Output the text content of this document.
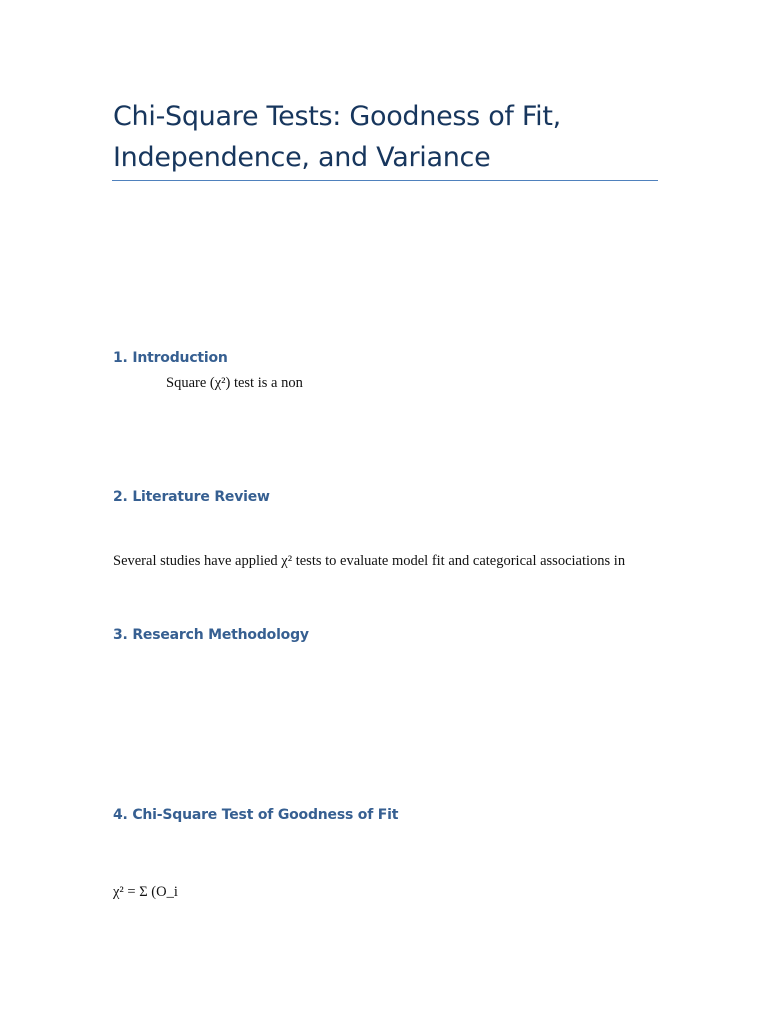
Chi-Square Tests: Goodness of Fit, Independence, and Variance
1. Introduction

Square (χ²) test is a non

2. Literature Review

Several studies have applied χ² tests to evaluate model fit and categorical associations in

3. Research Methodology
4. Chi-Square Test of Goodness of Fit

χ² = Σ (O_i
